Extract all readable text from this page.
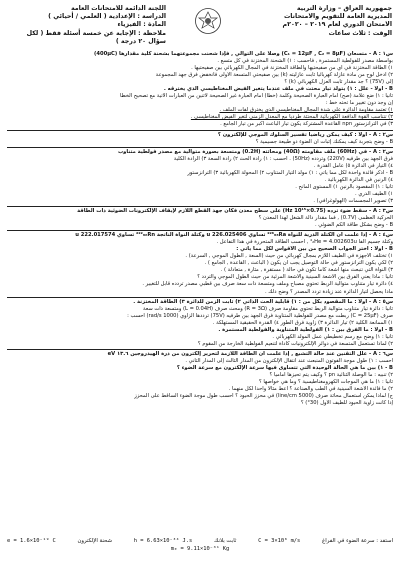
جمهورية العراق – وزارة التربية
المديرية العامة للتقويم والامتحانات
الامتحان الدوري لعام ٢٠١٩ – ٢٠٢٠م
الوقت : ثلاث ساعات
اللجنة الدائمة للامتحانات العامة
الدراسة : الإعدادية ( العلمي / أحيائي )
المادة : الفيزياء
ملاحظة : الإجابة عن خمسة أسئلة فقط ( لكل سؤال ٢٠ درجة )
س١ : A - متسعان (C₁ = 12μF , C₂ = 8μF) وصلا على التوالي , فإذا شحنت مجموعتهما بشحنة كلية مقدارها (400μC)
بواسطة مصدر للفولطية المستمرة , فاحسب : ١) الشحنة المختزنة في كل متسع .
١) الطاقة المختزنة في أي من صفيحتيها والطاقة المختزنة في المجال الكهربائي بين صفيحتيها .
٢) ادخل لوح من مادة عازلة كهربائياً ثابت عازليته (k) بين صفيحتي المتسعة الأولى فانخفض فرق جهد المجموعة
إلى (75V) ؟ جد مقدار ثابت العزل الكهربائي (k) ؟
B - أولاً - علل : ١) يتولد تيار محتث في ملف عندما يتغير الفيض المغناطيسي الذي يخترقه .
ثانياً : ١) ضع علامة (صح) أمام العبارة الصحيحة وكلمة (خطأ) أمام العبارة غير الصحيحة لاثنين من العبارات الآتية مع تصحيح الخطأ
إن وجد دون تغيير ما تحته خط :
١) تعتمد مقاومة الدائرة على شدة المجال المغناطيسي الذي يخترق لفات الملف .
٢) تتناسب القوة الدافعة الكهربائية المحتثة طردياً مع المعدل الزمني لتغير الفيض المغناطيسي .
٣) في الترانزستور npn القاعدة المشتركة يكون تيار الباعث أكبر من تيار الجامع .
س٢ : A - أولاً : كيف يمكن رياضياً تفسير السلوك الموجي للإلكترون ؟
B - وضح بتجربة كيف يمكنك إثبات أن الضوء ذو طبيعة جسيمية ؟
س٢ : A - في (60Hz) ملف مقاومته (40Ω) ومحاثته (0.2H) ومتسعة بصورة متوالية مع مصدر فولطية متناوب
فرق الجهد بين طرفيه (220V) وتردده (50Hz) . احسب : ١) رادة الحث ٢) رادة السعة ٣) الرادة الكلية
٤) التيار في الدائرة ٥) عامل القدرة .
B - اذكر فائدة واحدة لكل مما يأتي : ١) مولد التيار المتناوب ٢) المحولة الكهربائية ٣) الترانزستور
٤) الرنين في الدائرة الكهربائية .
ثانياً : ١) المقصود بالرنين ١) المستوى المانح .
١) الطيف الذري .
٣) تصوير المجسمات (الهولوغرافي) .
س٣ : A - سقط ضوء ترده (0.75×10¹⁵ Hz) على سطح معدن فكان جهد القطع اللازم لإيقاف الإلكترونات الضوئية ذات الطاقة
الحركية العظمى (0.7V) , فما مقدار دالة الشغل لهذا المعدن ؟
B - وضح بشكل طاقة الكم الضوئي .
س٤ : A - إذا علمت أن الكتلة الذرية للنواة ²²⁶₈₈Ra تساوي 226.025406 u وكتلة النواة الناتجة ²²²₈₆Rn تساوي 222.017574 u
وكتلة جسيم ألفا ⁴₂He = 4.002603u , احسب الطاقة المتحررة في هذا التفاعل .
B - أولاً : اختر الجواب الصحيح من بين الأقواس لكل مما يأتي :
١) تختلف الأجهزة في الطيف اللازم بمجال كهربائي من حيث (السعة , الطول الموجي , السرعة) .
٢) لكي يكون الترانزستور في حالة التوصيل يجب أن يكون ( الباعث , القاعدة , الجامع ) .
٣) النواة التي تنبعث منها أشعة كاما تكون في حالة ( مستقرة , مثارة , متعادلة ) .
ثانياً : ماذا يعني الفرق بين الأشعة السينية والأشعة المرئية من حيث الطول الموجي والتردد ؟
٤) دائرة تيار متناوب متوالية الربط تحتوي مصباح وملف ومتسعة ذات سعة صرف بين قطبي مصدر تردده قابل للتغيير .
ماذا يحصل لتيار الدائرة عند زيادة تردد المصدر ؟ وضح ذلك .
س٥ : A - أولاً : ما المقصود بكل من : ١) قابلية الحث الذاتي ٢) ثابت الزمن للدائرة ٣) الطاقة المختزنة .
ثانياً : دائرة تيار متناوب متوالية الربط تحتوي مقاومة صرف (R = 3Ω) ومحث صرف (L = 0.04H) ومتسعة ذات سعة
صرف (C = 25μF) ربطت مع مصدر للفولطية المتناوبة فرق الجهد بين طرفيه (75V) ترددها الزاوي (1000 rad/s) احسب :
١) الممانعة الكلية ٢) تيار الدائرة ٣) زاوية فرق الطور ٤) القدرة الحقيقية المستهلكة .
B - أولاً : ما الفرق بين : ١) الفولطية المتناوبة والفولطية المستمرة .
ثانياً : ١) وضح مع رسم تخطيطي عمل المولد الكهربائي .
٢) لماذا تستعمل المتسعة في دوائر الإلكترونيات كأداة لتنعيم الفولطية الخارجة من المقوم ؟
س٦ : A - علل التقنين عند حالة التشبع , إذا علمت أن الطاقة اللازمة لتحرير إلكترون من ذرة الهيدروجين ١٣.٦ eV
احسب : ١) طول موجة الفوتون المنبعث عند انتقال الإلكترون من المدار الثالث إلى المدار الثاني .
B - ١) بين ما هي الحالة الوحيدة التي تتساوى فيها سرعة الإلكترون مع سرعة الضوء ؟
٢) تنبيه : ما الوصلة الثنائية pn ؟ وكيف يتم تحيزها أمامياً ؟
ثانياً : ١) ما هي الموجات الكهرومغناطيسية ؟ وما هي خواصها ؟
٢) ما فائدة الأشعة السينية في الطب والصناعة ؟ أعط مثالاً واحداً لكل منهما .
ج) لماذا يمكن استعمال محاثة صرف (5000 line/cm) في محزز الحيود ؟ احسب طول موجة الضوء الساقط على المحزز
إذا كانت زاوية الحيود للطيف الأول (30°) ؟
استفد : سرعة الضوء في الفراغ
C = 3×10⁸ m/s
ثابت بلانك
h = 6.63×10⁻³⁴ J.s
شحنة الإلكترون
e = 1.6×10⁻¹⁹ C
mₑ = 9.11×10⁻³¹ Kg
